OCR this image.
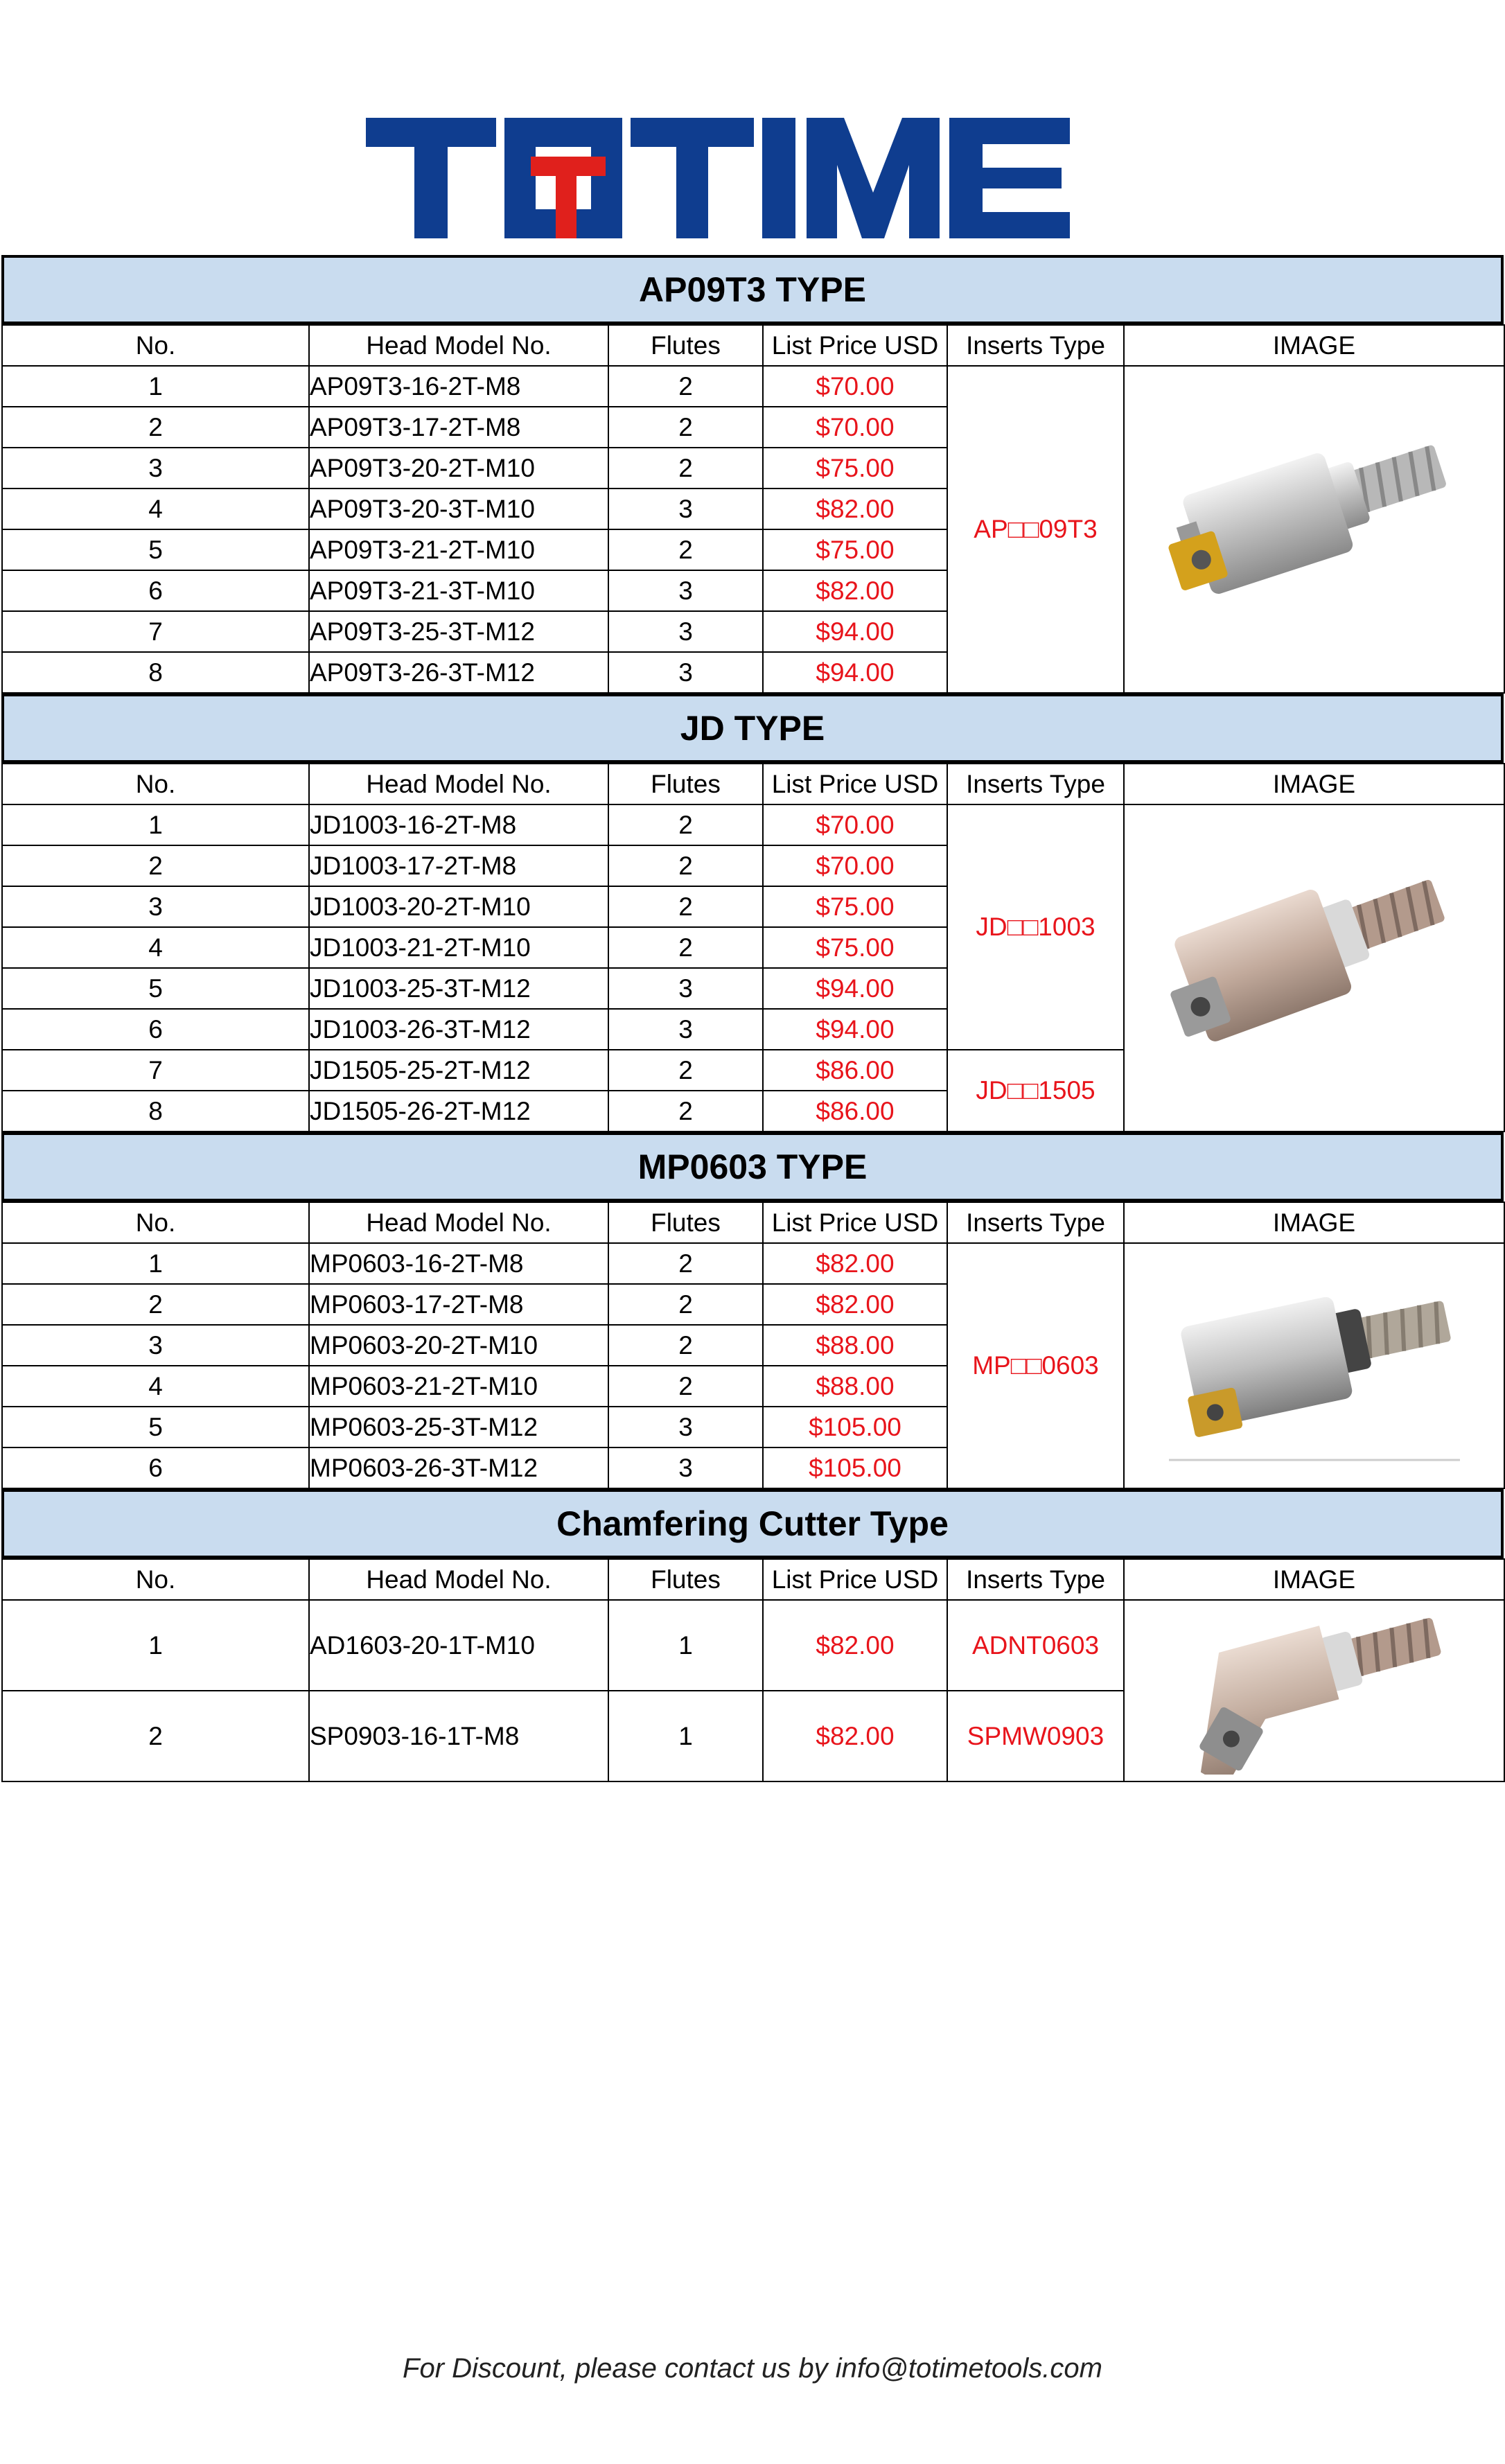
AP09T3 TYPE
No.	Head Model No.	Flutes	List Price USD	Inserts Type	IMAGE
1	AP09T3-16-2T-M8	2	$70.00	AP□□09T3	
2	AP09T3-17-2T-M8	2	$70.00		
3	AP09T3-20-2T-M10	2	$75.00		
4	AP09T3-20-3T-M10	3	$82.00		
5	AP09T3-21-2T-M10	2	$75.00		
6	AP09T3-21-3T-M10	3	$82.00		
7	AP09T3-25-3T-M12	3	$94.00		
8	AP09T3-26-3T-M12	3	$94.00		
JD TYPE
No.	Head Model No.	Flutes	List Price USD	Inserts Type	IMAGE
1	JD1003-16-2T-M8	2	$70.00	JD□□1003	
2	JD1003-17-2T-M8	2	$70.00		
3	JD1003-20-2T-M10	2	$75.00		
4	JD1003-21-2T-M10	2	$75.00		
5	JD1003-25-3T-M12	3	$94.00		
6	JD1003-26-3T-M12	3	$94.00		
7	JD1505-25-2T-M12	2	$86.00	JD□□1505	
8	JD1505-26-2T-M12	2	$86.00		
MP0603 TYPE
No.	Head Model No.	Flutes	List Price USD	Inserts Type	IMAGE
1	MP0603-16-2T-M8	2	$82.00	MP□□0603	
2	MP0603-17-2T-M8	2	$82.00		
3	MP0603-20-2T-M10	2	$88.00		
4	MP0603-21-2T-M10	2	$88.00		
5	MP0603-25-3T-M12	3	$105.00		
6	MP0603-26-3T-M12	3	$105.00		
Chamfering Cutter Type
No.	Head Model No.	Flutes	List Price USD	Inserts Type	IMAGE
1	AD1603-20-1T-M10	1	$82.00	ADNT0603	
2	SP0903-16-1T-M8	1	$82.00	SPMW0903	
For Discount, please contact us by info@totimetools.com
